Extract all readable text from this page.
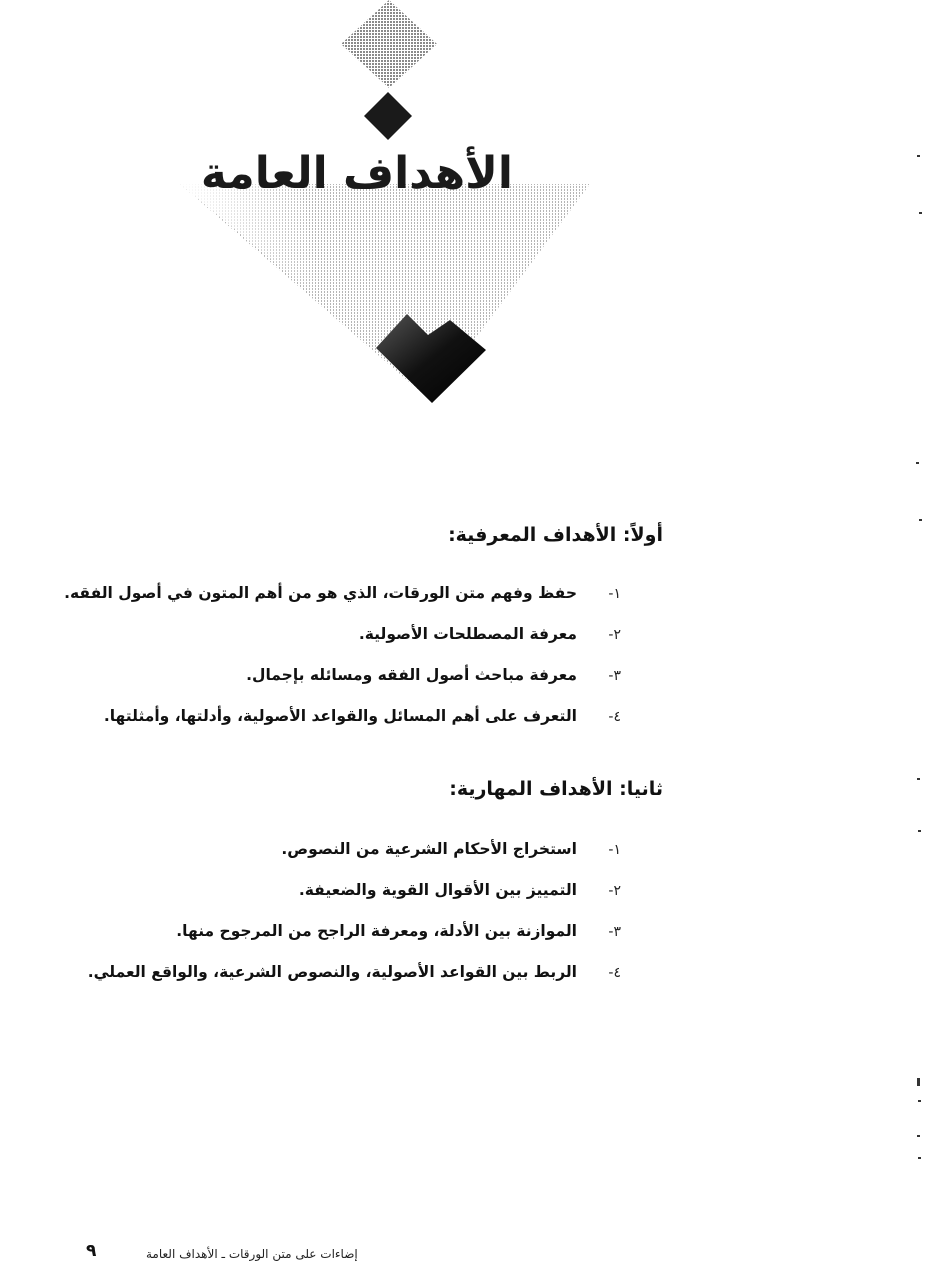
الأهداف العامة
أولاً: الأهداف المعرفية:
١-حفظ وفهم متن الورقات، الذي هو من أهم المتون في أصول الفقه.
٢-معرفة المصطلحات الأصولية.
٣-معرفة مباحث أصول الفقه ومسائله بإجمال.
٤-التعرف على أهم المسائل والقواعد الأصولية، وأدلتها، وأمثلتها.
ثانيا: الأهداف المهارية:
١-استخراج الأحكام الشرعية من النصوص.
٢-التمييز بين الأقوال القوية والضعيفة.
٣-الموازنة بين الأدلة، ومعرفة الراجح من المرجوح منها.
٤-الربط بين القواعد الأصولية، والنصوص الشرعية، والواقع العملي.
٩	إضاءات على متن الورقات ـ الأهداف العامة
